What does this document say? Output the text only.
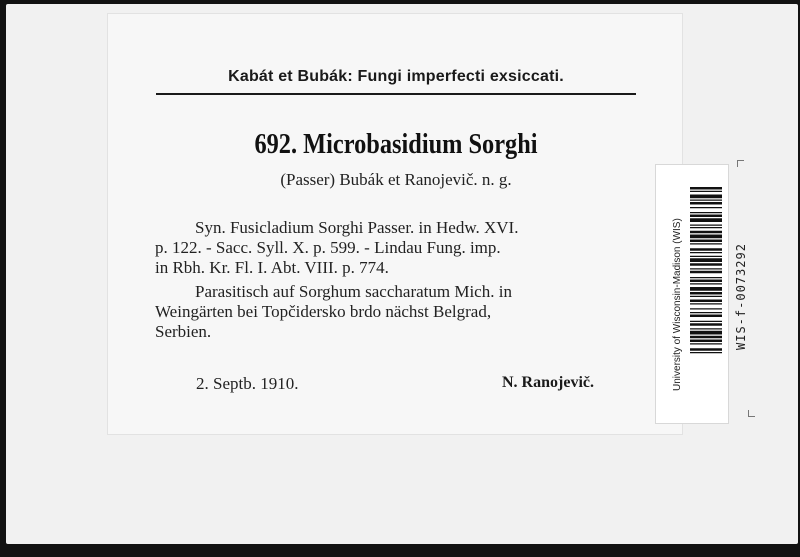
Kabát et Bubák: Fungi imperfecti exsiccati.
692. Microbasidium Sorghi
(Passer) Bubák et Ranojevič. n. g.
Syn. Fusicladium Sorghi Passer. in Hedw. XVI.
p. 122. - Sacc. Syll. X. p. 599. - Lindau Fung. imp.
in Rbh. Kr. Fl. I. Abt. VIII. p. 774.
Parasitisch auf Sorghum saccharatum Mich. in
Weingärten bei Topčidersko brdo nächst Belgrad,
Serbien.
2. Septb. 1910.	N. Ranojevič.	University of Wisconsin-Madison (WIS)	WIS-f-0073292
